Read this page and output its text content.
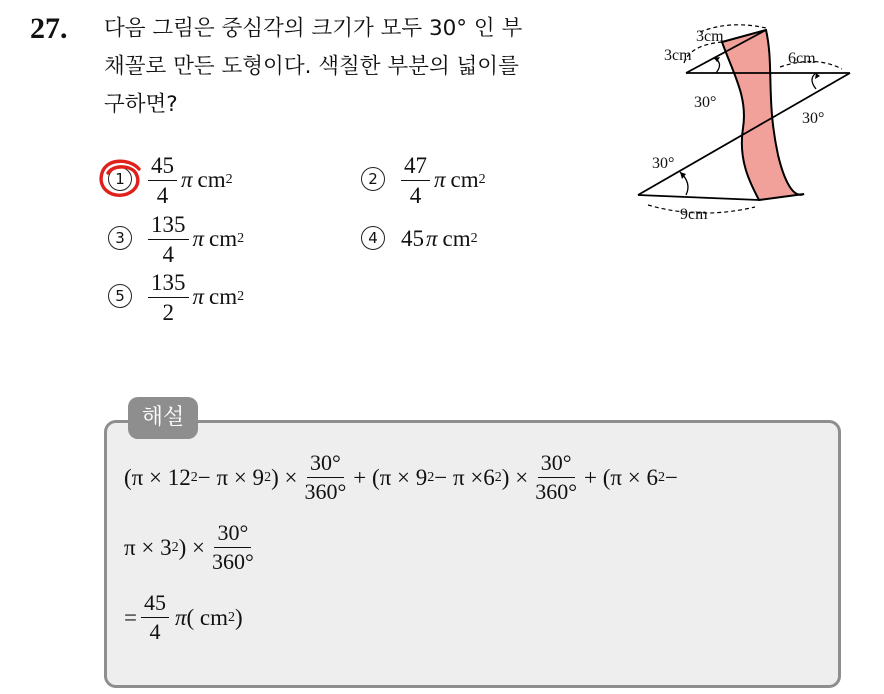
27. 다음 그림은 중심각의 크기가 모두 30° 인 부
채꼴로 만든 도형이다. 색칠한 부분의 넓이를
구하면?
1	$\frac{45}{4}$ π cm 2	2	$\frac{47}{4}$ π cm 2
3	$\frac{135}{4}$ π cm 2	4	45 π cm 2
5	$\frac{135}{2}$ π cm 2
3cm
3cm	6cm
9cm
30°
30°
30°
해설
(π × 12 2 − π × 9 2 ) × $\frac{30^\circ}{360^\circ} + (\pi \times 9$ 2 − π ×6 2 ) × $\frac{30^\circ}{360^\circ} + (\pi \times 6$ 2 −
π × 3 2 ) × $\frac{30^\circ}{360^\circ}$
= $\frac{45}{4}$ π ( cm 2 )
